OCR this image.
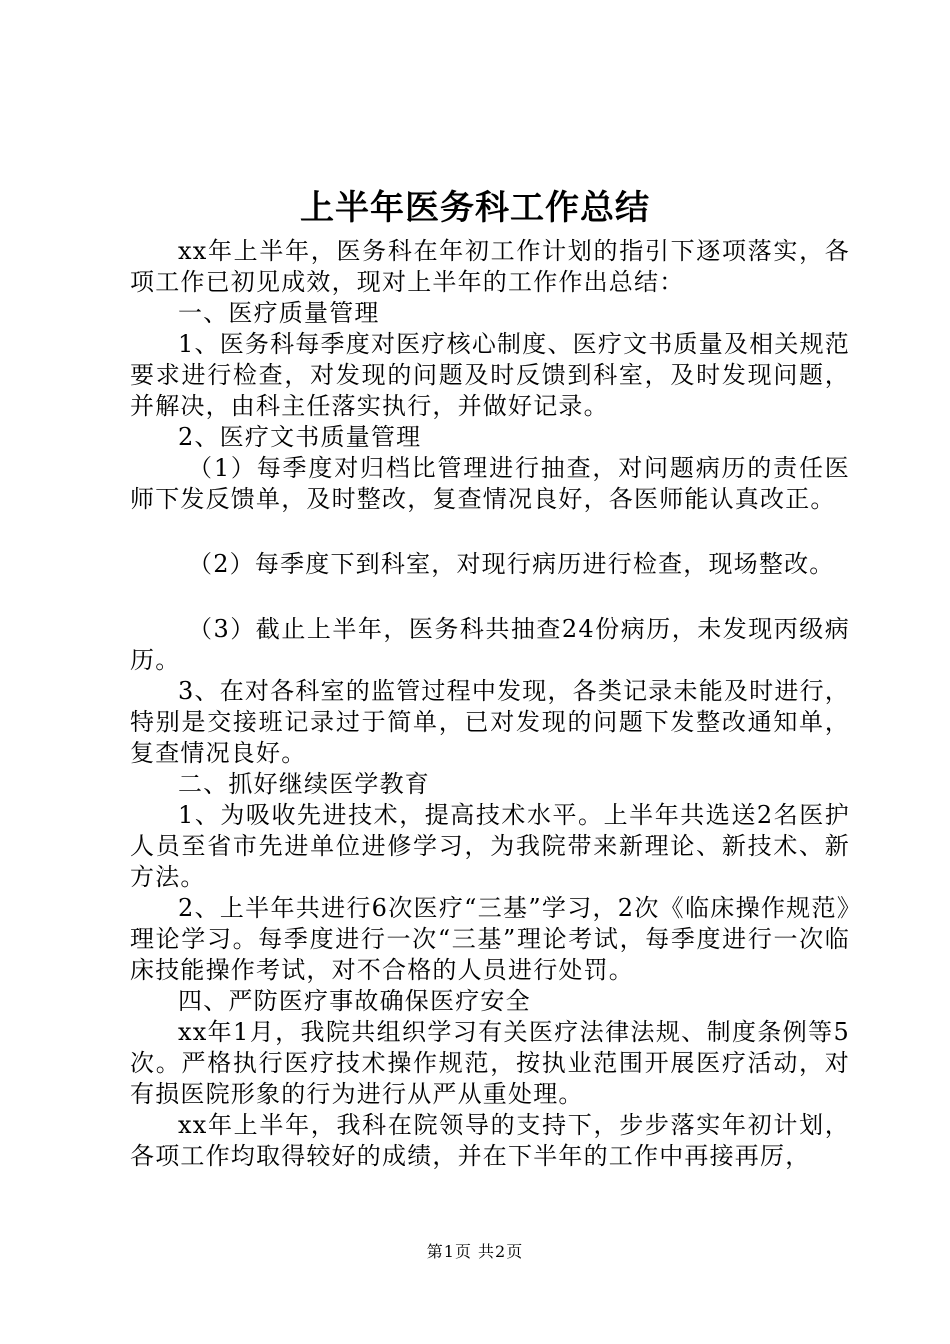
上半年医务科工作总结

xx年上半年，医务科在年初工作计划的指引下逐项落实，各项工作已初见成效，现对上半年的工作作出总结：

一、医疗质量管理

1、医务科每季度对医疗核心制度、医疗文书质量及相关规范要求进行检查，对发现的问题及时反馈到科室，及时发现问题，并解决，由科主任落实执行，并做好记录。

2、医疗文书质量管理

（1）每季度对归档比管理进行抽查，对问题病历的责任医师下发反馈单，及时整改，复查情况良好，各医师能认真改正。

（2）每季度下到科室，对现行病历进行检查，现场整改。

（3）截止上半年，医务科共抽查24份病历，未发现丙级病历。

3、在对各科室的监管过程中发现，各类记录未能及时进行，特别是交接班记录过于简单，已对发现的问题下发整改通知单，复查情况良好。

二、抓好继续医学教育

1、为吸收先进技术，提高技术水平。上半年共选送2名医护人员至省市先进单位进修学习，为我院带来新理论、新技术、新方法。

2、上半年共进行6次医疗“三基”学习，2次《临床操作规范》理论学习。每季度进行一次“三基”理论考试，每季度进行一次临床技能操作考试，对不合格的人员进行处罚。

四、严防医疗事故确保医疗安全

xx年1月，我院共组织学习有关医疗法律法规、制度条例等5次。严格执行医疗技术操作规范，按执业范围开展医疗活动，对有损医院形象的行为进行从严从重处理。

xx年上半年，我科在院领导的支持下，步步落实年初计划，各项工作均取得较好的成绩，并在下半年的工作中再接再厉，

第1页 共2页
